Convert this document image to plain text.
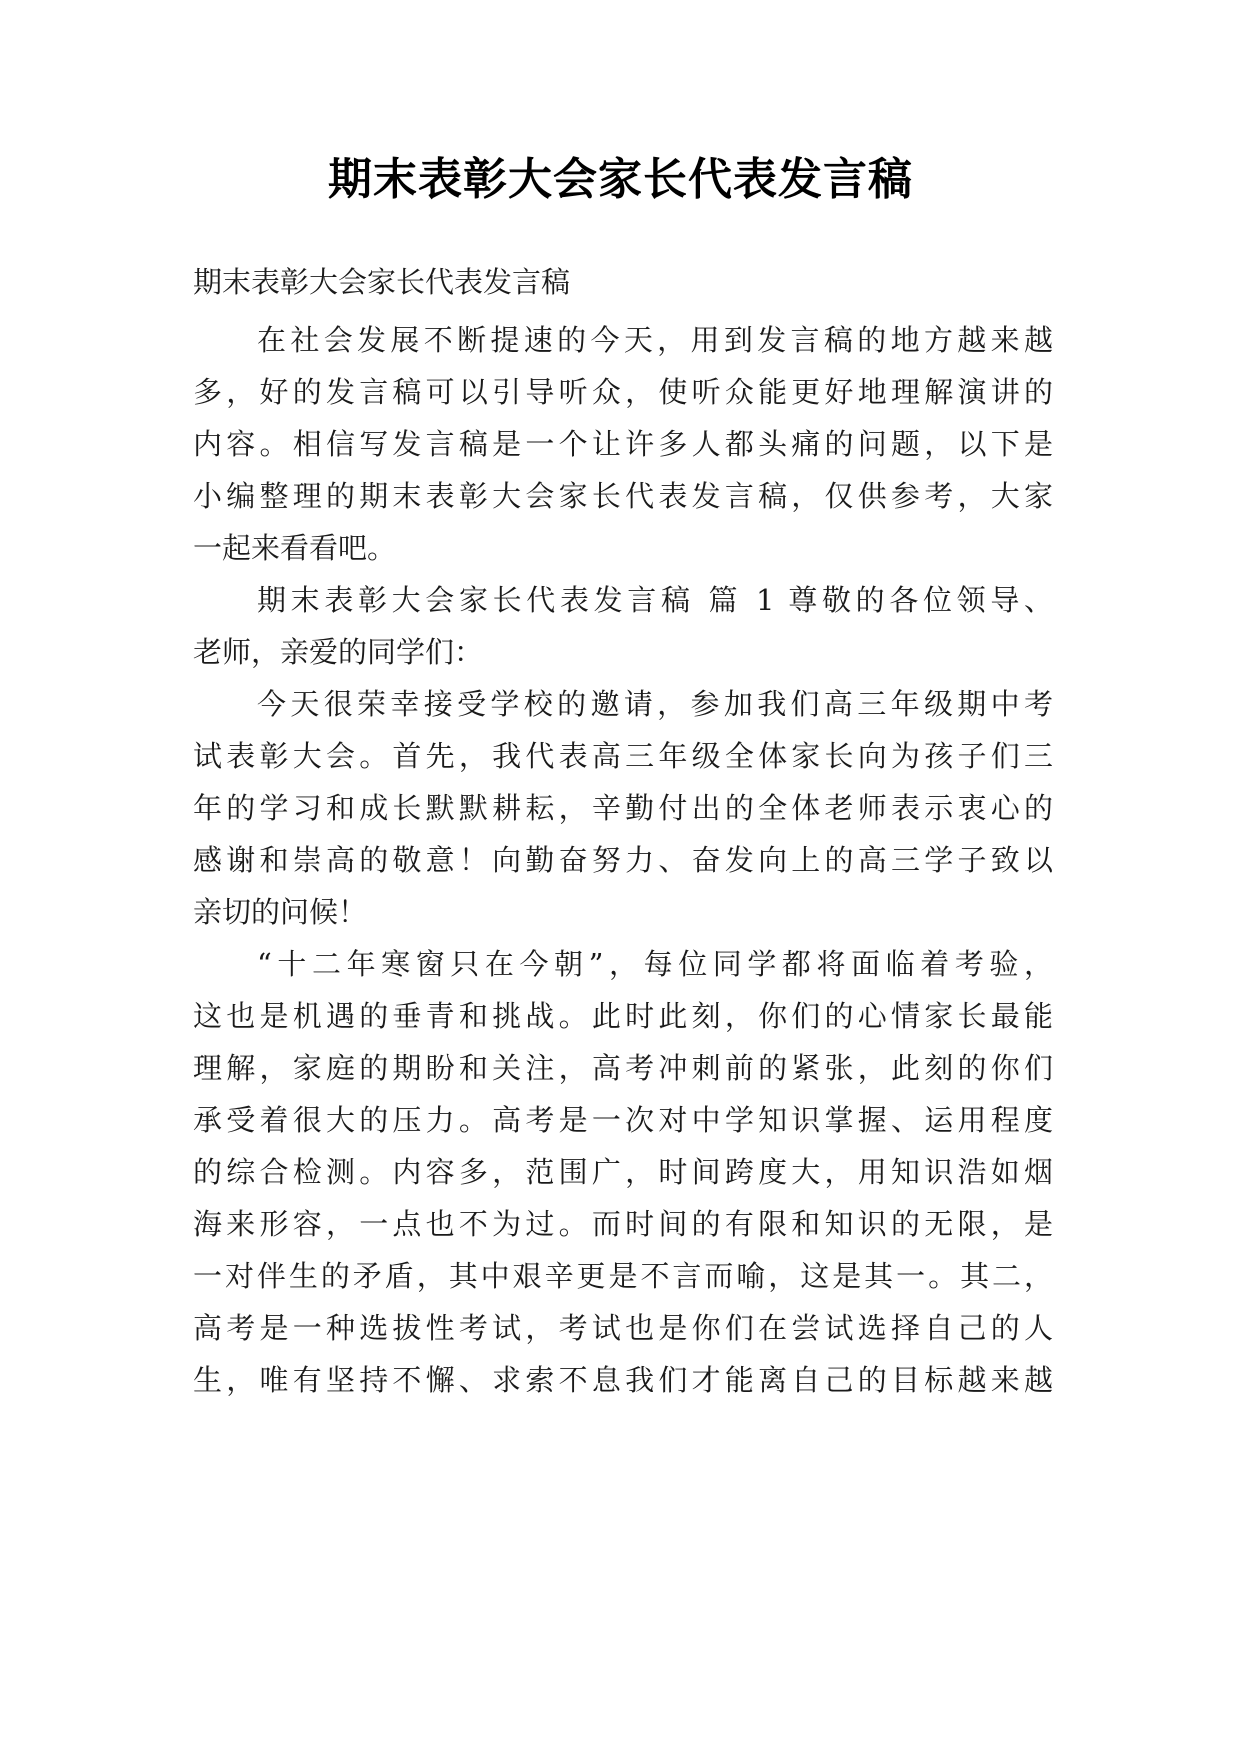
期末表彰大会家长代表发言稿
期末表彰大会家长代表发言稿
在社会发展不断提速的今天，用到发言稿的地方越来越
多，好的发言稿可以引导听众，使听众能更好地理解演讲的
内容。相信写发言稿是一个让许多人都头痛的问题，以下是
小编整理的期末表彰大会家长代表发言稿，仅供参考，大家
一起来看看吧。
期末表彰大会家长代表发言稿 篇 1 尊敬的各位领导、
老师，亲爱的同学们：
今天很荣幸接受学校的邀请，参加我们高三年级期中考
试表彰大会。首先，我代表高三年级全体家长向为孩子们三
年的学习和成长默默耕耘，辛勤付出的全体老师表示衷心的
感谢和崇高的敬意！向勤奋努力、奋发向上的高三学子致以
亲切的问候！
“十二年寒窗只在今朝”，每位同学都将面临着考验，
这也是机遇的垂青和挑战。此时此刻，你们的心情家长最能
理解，家庭的期盼和关注，高考冲刺前的紧张，此刻的你们
承受着很大的压力。高考是一次对中学知识掌握、运用程度
的综合检测。内容多，范围广，时间跨度大，用知识浩如烟
海来形容，一点也不为过。而时间的有限和知识的无限，是
一对伴生的矛盾，其中艰辛更是不言而喻，这是其一。其二，
高考是一种选拔性考试，考试也是你们在尝试选择自己的人
生，唯有坚持不懈、求索不息我们才能离自己的目标越来越
